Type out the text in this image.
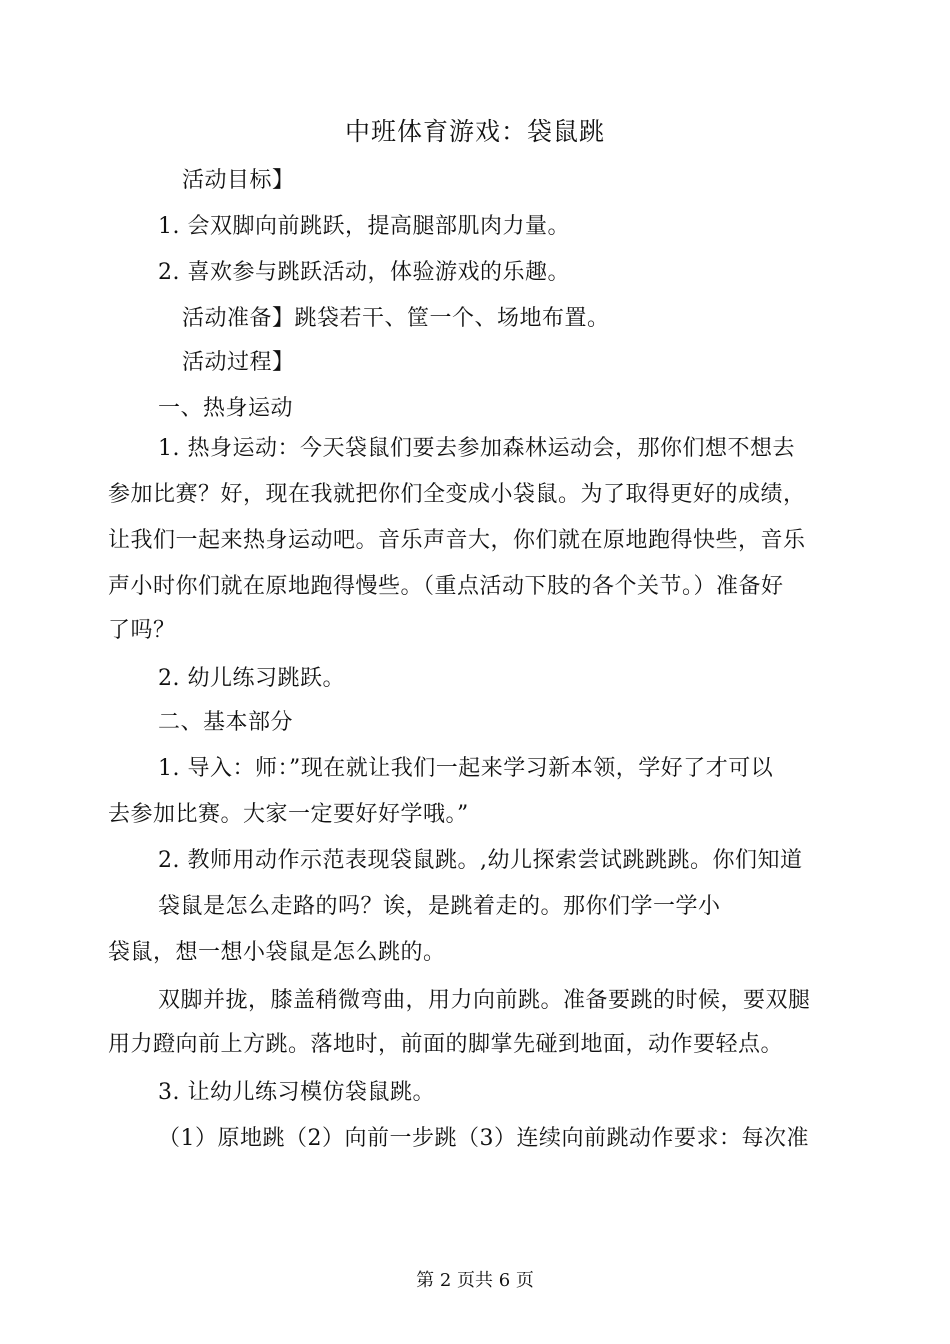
中班体育游戏：袋鼠跳
活动目标】
1. 会双脚向前跳跃，提高腿部肌肉力量。
2. 喜欢参与跳跃活动，体验游戏的乐趣。
活动准备】跳袋若干、筐一个、场地布置。
活动过程】
一、热身运动
1. 热身运动：今天袋鼠们要去参加森林运动会，那你们想不想去
参加比赛？好，现在我就把你们全变成小袋鼠。为了取得更好的成绩，
让我们一起来热身运动吧。音乐声音大，你们就在原地跑得快些，音乐
声小时你们就在原地跑得慢些。（重点活动下肢的各个关节。）准备好
了吗？
2. 幼儿练习跳跃。
二、基本部分
1. 导入：师：”现在就让我们一起来学习新本领，学好了才可以
去参加比赛。大家一定要好好学哦。”
2. 教师用动作示范表现袋鼠跳。,幼儿探索尝试跳跳跳。你们知道
袋鼠是怎么走路的吗？诶，是跳着走的。那你们学一学小
袋鼠，想一想小袋鼠是怎么跳的。
双脚并拢，膝盖稍微弯曲，用力向前跳。准备要跳的时候，要双腿
用力蹬向前上方跳。落地时，前面的脚掌先碰到地面，动作要轻点。
3. 让幼儿练习模仿袋鼠跳。
（1）原地跳（2）向前一步跳（3）连续向前跳动作要求：每次准
第 2 页共 6 页
